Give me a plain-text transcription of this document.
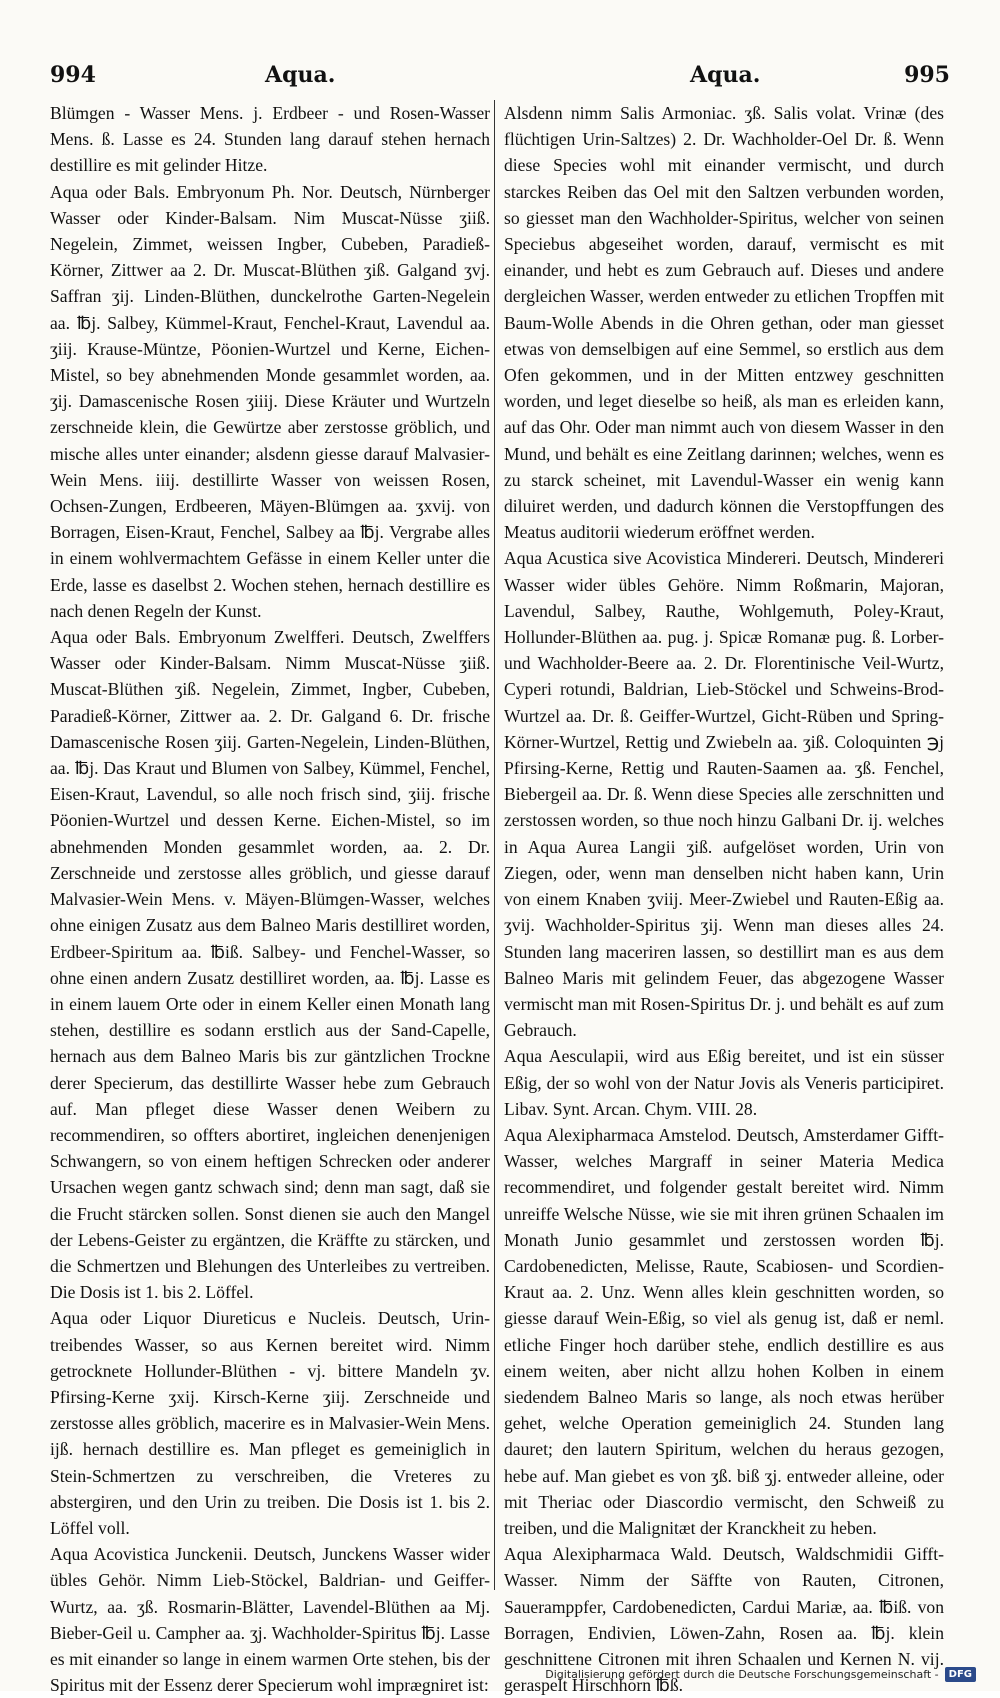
994	Aqua.	Aqua.	995

Blümgen - Wasser Mens. j. Erdbeer - und Rosen-Wasser Mens. ß. Lasse es 24. Stunden lang darauf stehen hernach destillire es mit gelinder Hitze.

Aqua oder Bals. Embryonum Ph. Nor. Deutsch, Nürnberger Wasser oder Kinder-Balsam. Nim Muscat-Nüsse ʒiiß. Negelein, Zimmet, weissen Ingber, Cubeben, Paradieß-Körner, Zittwer aa 2. Dr. Muscat-Blüthen ʒiß. Galgand ʒvj. Saffran ʒij. Linden-Blüthen, dunckelrothe Garten-Negelein aa. ℔j. Salbey, Kümmel-Kraut, Fenchel-Kraut, Lavendul aa. ʒiij. Krause-Müntze, Pöonien-Wurtzel und Kerne, Eichen-Mistel, so bey abnehmenden Monde gesammlet worden, aa. ʒij. Damascenische Rosen ʒiiij. Diese Kräuter und Wurtzeln zerschneide klein, die Gewürtze aber zerstosse gröblich, und mische alles unter einander; alsdenn giesse darauf Malvasier-Wein Mens. iiij. destillirte Wasser von weissen Rosen, Ochsen-Zungen, Erdbeeren, Mäyen-Blümgen aa. ʒxvij. von Borragen, Eisen-Kraut, Fenchel, Salbey aa ℔j. Vergrabe alles in einem wohlvermachtem Gefässe in einem Keller unter die Erde, lasse es daselbst 2. Wochen stehen, hernach destillire es nach denen Regeln der Kunst.

Aqua oder Bals. Embryonum Zwelfferi. Deutsch, Zwelffers Wasser oder Kinder-Balsam. Nimm Muscat-Nüsse ʒiiß. Muscat-Blüthen ʒiß. Negelein, Zimmet, Ingber, Cubeben, Paradieß-Körner, Zittwer aa. 2. Dr. Galgand 6. Dr. frische Damascenische Rosen ʒiij. Garten-Negelein, Linden-Blüthen, aa. ℔j. Das Kraut und Blumen von Salbey, Kümmel, Fenchel, Eisen-Kraut, Lavendul, so alle noch frisch sind, ʒiij. frische Pöonien-Wurtzel und dessen Kerne. Eichen-Mistel, so im abnehmenden Monden gesammlet worden, aa. 2. Dr. Zerschneide und zerstosse alles gröblich, und giesse darauf Malvasier-Wein Mens. v. Mäyen-Blümgen-Wasser, welches ohne einigen Zusatz aus dem Balneo Maris destilliret worden, Erdbeer-Spiritum aa. ℔iß. Salbey- und Fenchel-Wasser, so ohne einen andern Zusatz destilliret worden, aa. ℔j. Lasse es in einem lauem Orte oder in einem Keller einen Monath lang stehen, destillire es sodann erstlich aus der Sand-Capelle, hernach aus dem Balneo Maris bis zur gäntzlichen Trockne derer Specierum, das destillirte Wasser hebe zum Gebrauch auf. Man pfleget diese Wasser denen Weibern zu recommendiren, so offters abortiret, ingleichen denenjenigen Schwangern, so von einem heftigen Schrecken oder anderer Ursachen wegen gantz schwach sind; denn man sagt, daß sie die Frucht stärcken sollen. Sonst dienen sie auch den Mangel der Lebens-Geister zu ergäntzen, die Kräffte zu stärcken, und die Schmertzen und Blehungen des Unterleibes zu vertreiben. Die Dosis ist 1. bis 2. Löffel.

Aqua oder Liquor Diureticus e Nucleis. Deutsch, Urin-treibendes Wasser, so aus Kernen bereitet wird. Nimm getrocknete Hollunder-Blüthen - vj. bittere Mandeln ʒv. Pfirsing-Kerne ʒxij. Kirsch-Kerne ʒiij. Zerschneide und zerstosse alles gröblich, macerire es in Malvasier-Wein Mens. ijß. hernach destillire es. Man pfleget es gemeiniglich in Stein-Schmertzen zu verschreiben, die Vreteres zu abstergiren, und den Urin zu treiben. Die Dosis ist 1. bis 2. Löffel voll.

Aqua Acovistica Junckenii. Deutsch, Junckens Wasser wider übles Gehör. Nimm Lieb-Stöckel, Baldrian- und Geiffer-Wurtz, aa. ʒß. Rosmarin-Blätter, Lavendel-Blüthen aa Mj. Bieber-Geil u. Campher aa. ʒj. Wachholder-Spiritus ℔j. Lasse es mit einander so lange in einem warmen Orte stehen, bis der Spiritus mit der Essenz derer Specierum wohl imprægniret ist:

Alsdenn nimm Salis Armoniac. ʒß. Salis volat. Vrinæ (des flüchtigen Urin-Saltzes) 2. Dr. Wachholder-Oel Dr. ß. Wenn diese Species wohl mit einander vermischt, und durch starckes Reiben das Oel mit den Saltzen verbunden worden, so giesset man den Wachholder-Spiritus, welcher von seinen Speciebus abgeseihet worden, darauf, vermischt es mit einander, und hebt es zum Gebrauch auf. Dieses und andere dergleichen Wasser, werden entweder zu etlichen Tropffen mit Baum-Wolle Abends in die Ohren gethan, oder man giesset etwas von demselbigen auf eine Semmel, so erstlich aus dem Ofen gekommen, und in der Mitten entzwey geschnitten worden, und leget dieselbe so heiß, als man es erleiden kann, auf das Ohr. Oder man nimmt auch von diesem Wasser in den Mund, und behält es eine Zeitlang darinnen; welches, wenn es zu starck scheinet, mit Lavendul-Wasser ein wenig kann diluiret werden, und dadurch können die Verstopffungen des Meatus auditorii wiederum eröffnet werden.

Aqua Acustica sive Acovistica Mindereri. Deutsch, Mindereri Wasser wider übles Gehöre. Nimm Roßmarin, Majoran, Lavendul, Salbey, Rauthe, Wohlgemuth, Poley-Kraut, Hollunder-Blüthen aa. pug. j. Spicæ Romanæ pug. ß. Lorber- und Wachholder-Beere aa. 2. Dr. Florentinische Veil-Wurtz, Cyperi rotundi, Baldrian, Lieb-Stöckel und Schweins-Brod-Wurtzel aa. Dr. ß. Geiffer-Wurtzel, Gicht-Rüben und Spring-Körner-Wurtzel, Rettig und Zwiebeln aa. ʒiß. Coloquinten ℈j Pfirsing-Kerne, Rettig und Rauten-Saamen aa. ʒß. Fenchel, Biebergeil aa. Dr. ß. Wenn diese Species alle zerschnitten und zerstossen worden, so thue noch hinzu Galbani Dr. ij. welches in Aqua Aurea Langii ʒiß. aufgelöset worden, Urin von Ziegen, oder, wenn man denselben nicht haben kann, Urin von einem Knaben ʒviij. Meer-Zwiebel und Rauten-Eßig aa. ʒvij. Wachholder-Spiritus ʒij. Wenn man dieses alles 24. Stunden lang maceriren lassen, so destillirt man es aus dem Balneo Maris mit gelindem Feuer, das abgezogene Wasser vermischt man mit Rosen-Spiritus Dr. j. und behält es auf zum Gebrauch.

Aqua Aesculapii, wird aus Eßig bereitet, und ist ein süsser Eßig, der so wohl von der Natur Jovis als Veneris participiret. Libav. Synt. Arcan. Chym. VIII. 28.

Aqua Alexipharmaca Amstelod. Deutsch, Amsterdamer Gifft-Wasser, welches Margraff in seiner Materia Medica recommendiret, und folgender gestalt bereitet wird. Nimm unreiffe Welsche Nüsse, wie sie mit ihren grünen Schaalen im Monath Junio gesammlet und zerstossen worden ℔j. Cardobenedicten, Melisse, Raute, Scabiosen- und Scordien-Kraut aa. 2. Unz. Wenn alles klein geschnitten worden, so giesse darauf Wein-Eßig, so viel als genug ist, daß er neml. etliche Finger hoch darüber stehe, endlich destillire es aus einem weiten, aber nicht allzu hohen Kolben in einem siedendem Balneo Maris so lange, als noch etwas herüber gehet, welche Operation gemeiniglich 24. Stunden lang dauret; den lautern Spiritum, welchen du heraus gezogen, hebe auf. Man giebet es von ʒß. biß ʒj. entweder alleine, oder mit Theriac oder Diascordio vermischt, den Schweiß zu treiben, und die Malignitæt der Kranckheit zu heben.

Aqua Alexipharmaca Wald. Deutsch, Waldschmidii Gifft-Wasser. Nimm der Säffte von Rauten, Citronen, Saueramppfer, Cardobenedicten, Cardui Mariæ, aa. ℔iß. von Borragen, Endivien, Löwen-Zahn, Rosen aa. ℔j. klein geschnittene Citronen mit ihren Schaalen und Kernen N. vij. geraspelt Hirschhorn ℔ß.

Digitalisierung gefördert durch die Deutsche Forschungsgemeinschaft -	DFG
